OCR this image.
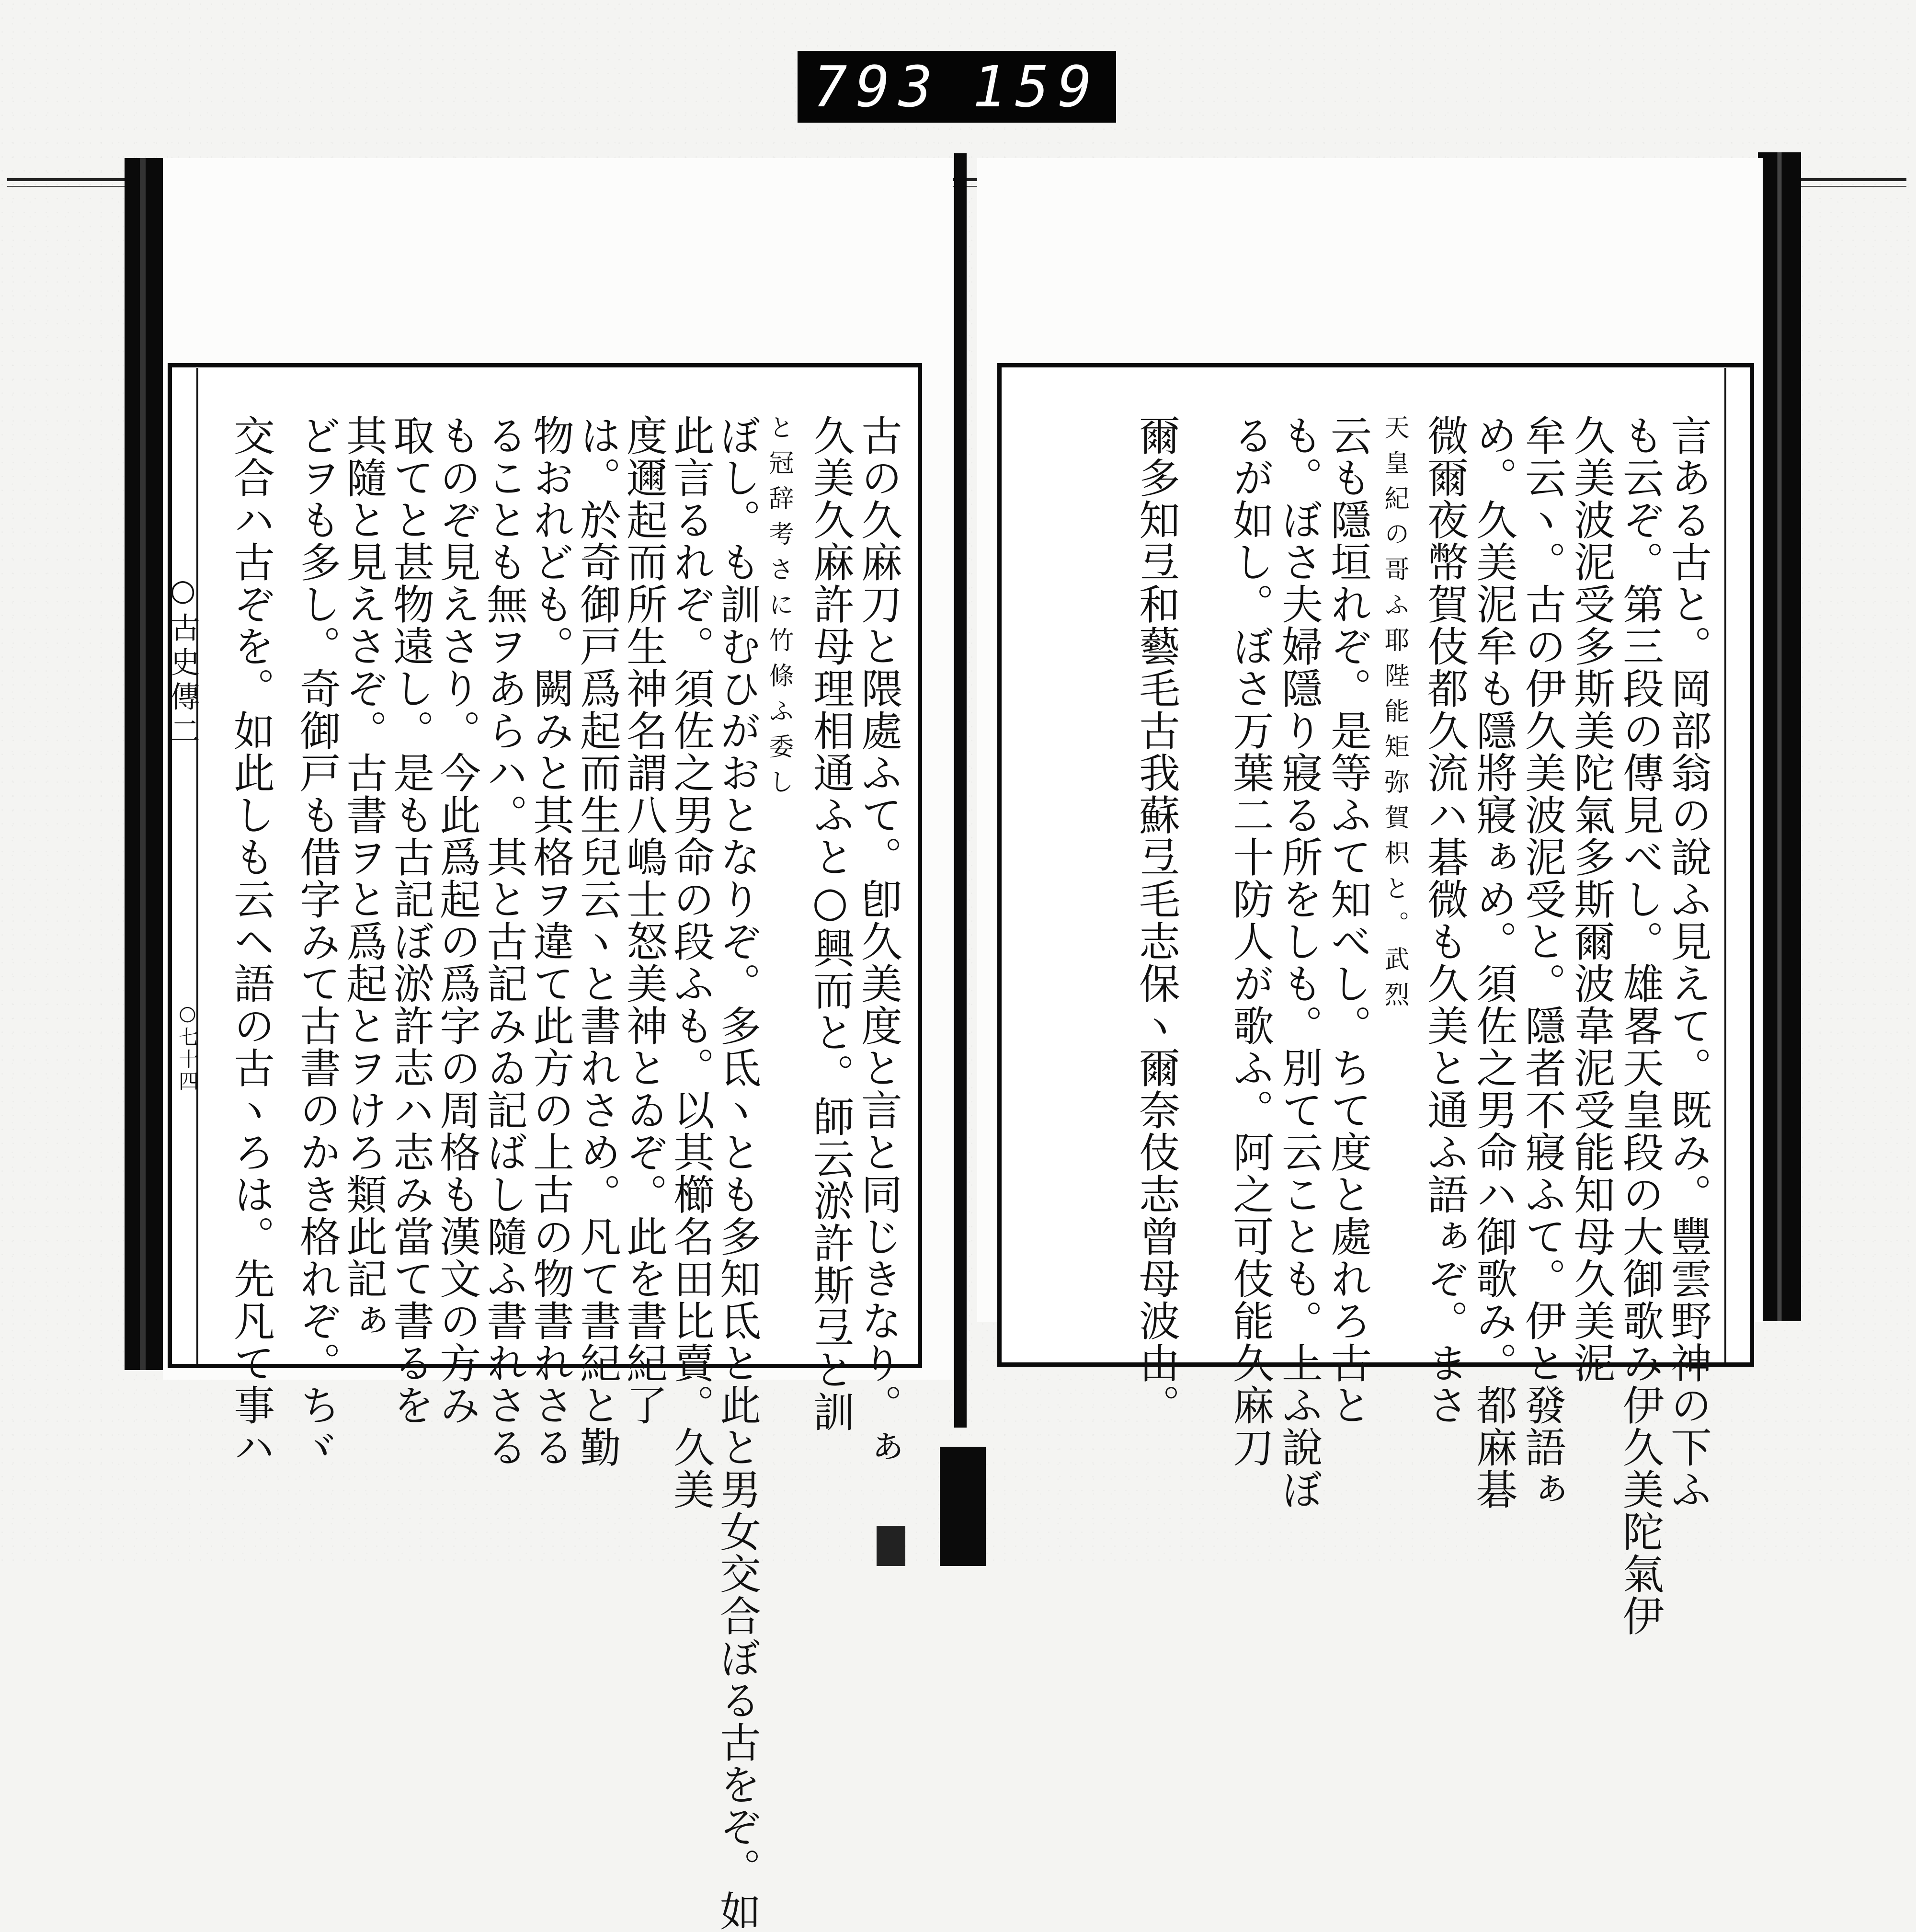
793 159
○古史傳二
○七十四	古の久麻刀と隈處ふて。卽久美度と言と同じきなり。ぁ
久美久麻許母理相通ふと○興而と。師云淤許斯弖と訓
と冠辞考さに竹條ふ委し
ぼし。も訓むひがおとなりぞ。多氐ヽとも多知氐と此と男女交合ぼる古をぞ。如
此言るれぞ。須佐之男命の段ふも。以其櫛名田比賣。久美
度邇起而所生神名謂八嶋士怒美神とゐぞ。此を書紀了
は。於奇御戸爲起而生兒云ヽと書れさめ。凡て書紀と勤
物おれども。闕みと其格ヲ違て此方の上古の物書れさる
ることも無ヲあらハ。其と古記みゐ記ばし隨ふ書れさる
ものぞ見えさり。今此爲起の爲字の周格も漢文の方み
取てと甚物遠し。是も古記ぼ淤許志ハ志み當て書るを
其隨と見えさぞ。古書ヲと爲起とヲけろ類此記ぁ
どヲも多し。奇御戸も借字みて古書のかき格れぞ。ちヾ
交合ハ古ぞを。如此しも云ヘ語の古ヽろは。先凡て事ハ	言ある古と。岡部翁の說ふ見えて。既み。豐雲野神の下ふ
も云ぞ。第三段の傳見べし。雄畧天皇段の大御歌み伊久美陀氣伊
久美波泥受多斯美陀氣多斯爾波韋泥受能知母久美泥
牟云ヽ。古の伊久美波泥受と。隱者不寢ふて。伊と發語ぁ
め。久美泥牟も隱將寢ぁめ。須佐之男命ハ御歌み。都麻碁
微爾夜幣賀伎都久流ハ碁微も久美と通ふ語ぁぞ。まさ
天皇紀の哥ふ耶陛能矩弥賀枳と。武烈
云も隱垣れぞ。是等ふて知べし。ちて度と處れろ古と
も。ぼさ夫婦隱り寢る所をしも。別て云ことも。上ふ說ぼ
るが如し。ぼさ万葉二十防人が歌ふ。阿之可伎能久麻刀
爾多知弖和藝毛古我蘇弖毛志保ヽ爾奈伎志曾母波由。
